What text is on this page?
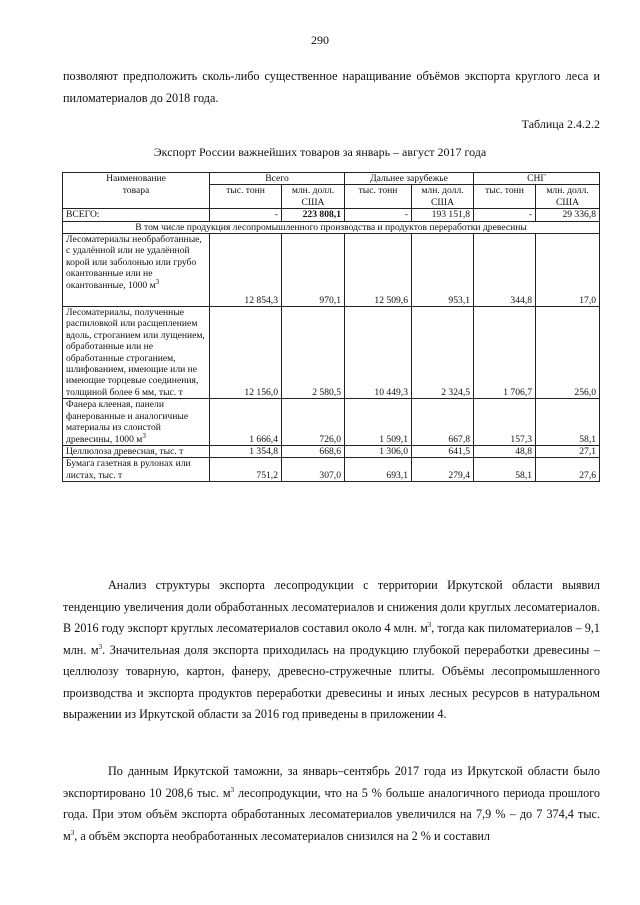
290

позволяют предположить сколь-либо существенное наращивание объёмов экспорта круглого леса и пиломатериалов до 2018 года.

Таблица 2.4.2.2
Экспорт России важнейших товаров за январь – август 2017 года
Наименование	Всего		Дальнее зарубежье		СНГ	
товара	тыс. тонн	млн. долл. США	тыс. тонн	млн. долл. США	тыс. тонн	млн. долл. США
ВСЕГО:	-	223 808,1	-	193 151,8	-	29 336,8
В том числе продукция лесопромышленного производства и продуктов переработки древесины						
Лесоматериалы необработанные, с удалённой или не удалённой корой или заболонью или грубо окантованные или не окантованные, 1000 $м^3$	12 854,3	970,1	12 509,6	953,1	344,8	17,0
Лесоматериалы, полученные распиловкой или расщеплением вдоль, строганием или лущением, обработанные или не обработанные строганием, шлифованием, имеющие или не имеющие торцевые соединения, толщиной более 6 мм, тыс. т	12 156,0	2 580,5	10 449,3	2 324,5	1 706,7	256,0
Фанера клееная, панели фанерованные и аналогичные материалы из слоистой древесины, 1000 $м^3$	1 666,4	726,0	1 509,1	667,8	157,3	58,1
Целлюлоза древесная, тыс. т	1 354,8	668,6	1 306,0	641,5	48,8	27,1
Бумага газетная в рулонах или листах, тыс. т	751,2	307,0	693,1	279,4	58,1	27,6

Анализ структуры экспорта лесопродукции с территории Иркутской области выявил тенденцию увеличения доли обработанных лесоматериалов и снижения доли круглых лесоматериалов. В 2016 году экспорт круглых лесоматериалов составил около 4 млн. $м^3$, тогда как пиломатериалов – 9,1 млн. $м^3$. Значительная доля экспорта приходилась на продукцию глубокой переработки древесины – целлюлозу товарную, картон, фанеру, древесно-стружечные плиты. Объёмы лесопромышленного производства и экспорта продуктов переработки древесины и иных лесных ресурсов в натуральном выражении из Иркутской области за 2016 год приведены в приложении 4.

По данным Иркутской таможни, за январь–сентябрь 2017 года из Иркутской области было экспортировано 10 208,6 тыс. $м^3$ лесопродукции, что на 5 % больше аналогичного периода прошлого года. При этом объём экспорта обработанных лесоматериалов увеличился на 7,9 % – до 7 374,4 тыс. $м^3$, а объём экспорта необработанных лесоматериалов снизился на 2 % и составил
